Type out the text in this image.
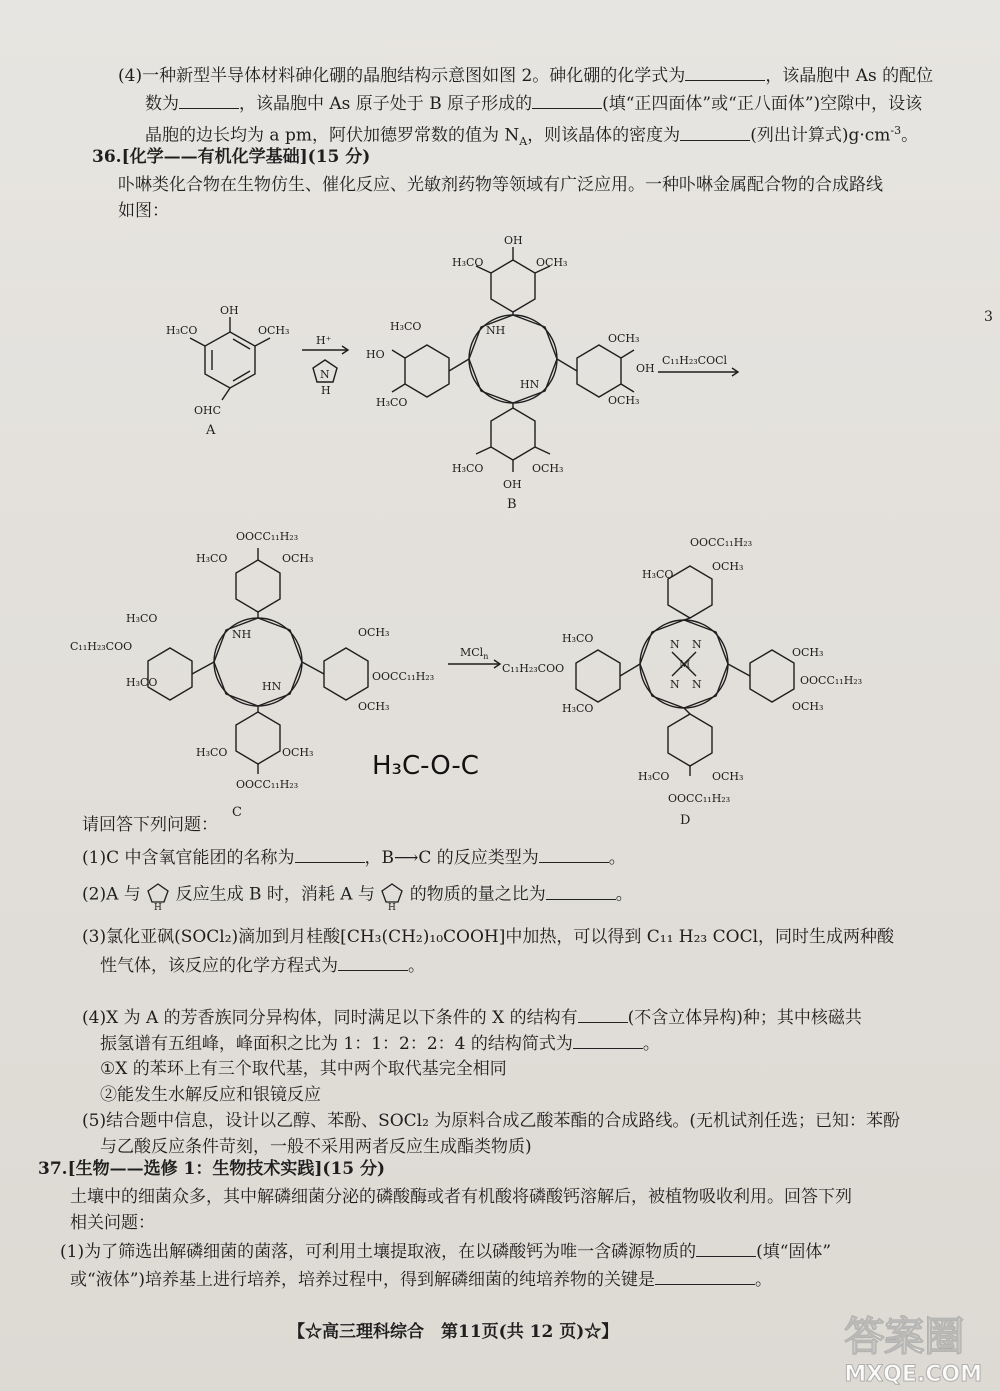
(4)一种新型半导体材料砷化硼的晶胞结构示意图如图 2。砷化硼的化学式为	，该晶胞中 As 的配位
数为	，该晶胞中 As 原子处于 B 原子形成的	(填“正四面体”或“正八面体”)空隙中，设该
晶胞的边长均为 a pm，阿伏加德罗常数的值为 $N_A$，则该晶体的密度为	(列出计算式)$g\cdot cm^{-3}$。
36.[化学——有机化学基础](15 分)
卟啉类化合物在生物仿生、催化反应、光敏剂药物等领域有广泛应用。一种卟啉金属配合物的合成路线
如图：
OH
H₃CO	OCH₃
OHC
A
H⁺
N
H
OH
H₃CO	OCH₃
H₃CO
HO
H₃CO
OCH₃
OH
OCH₃
NH
HN
H₃CO	OCH₃
OH
B
C₁₁H₂₃COCl
OOCC₁₁H₂₃
H₃CO	OCH₃
H₃CO
C₁₁H₂₃COO
H₃CO
OCH₃
OOCC₁₁H₂₃
OCH₃
NH
HN
H₃CO	OCH₃
OOCC₁₁H₂₃
C
MCl$_n$
C₁₁H₂₃COO
OOCC₁₁H₂₃
H₃CO
OCH₃
H₃CO
H₃CO
OCH₃
OOCC₁₁H₂₃
OCH₃
N N
M
N N
H₃CO	OCH₃
OOCC₁₁H₂₃
D
H₃C-O-C
请回答下列问题：
(1)C 中含氧官能团的名称为	，B⟶C 的反应类型为	。
(2)A 与
H
反应生成 B 时，消耗 A 与
H
的物质的量之比为	。
(3)氯化亚砜(SOCl₂)滴加到月桂酸[CH₃(CH₂)₁₀COOH]中加热，可以得到 C₁₁ H₂₃ COCl，同时生成两种酸
性气体，该反应的化学方程式为	。
(4)X 为 A 的芳香族同分异构体，同时满足以下条件的 X 的结构有	(不含立体异构)种；其中核磁共
振氢谱有五组峰，峰面积之比为 1：1：2：2：4 的结构简式为	。
①X 的苯环上有三个取代基，其中两个取代基完全相同
②能发生水解反应和银镜反应
(5)结合题中信息，设计以乙醇、苯酚、SOCl₂ 为原料合成乙酸苯酯的合成路线。(无机试剂任选；已知：苯酚
与乙酸反应条件苛刻，一般不采用两者反应生成酯类物质)
37.[生物——选修 1：生物技术实践](15 分)
土壤中的细菌众多，其中解磷细菌分泌的磷酸酶或者有机酸将磷酸钙溶解后，被植物吸收利用。回答下列
相关问题：
(1)为了筛选出解磷细菌的菌落，可利用土壤提取液，在以磷酸钙为唯一含磷源物质的	(填“固体”
或“液体”)培养基上进行培养，培养过程中，得到解磷细菌的纯培养物的关键是	。
【☆高三理科综合　第11页(共 12 页)☆】
3
答案圈
MXQE.COM
